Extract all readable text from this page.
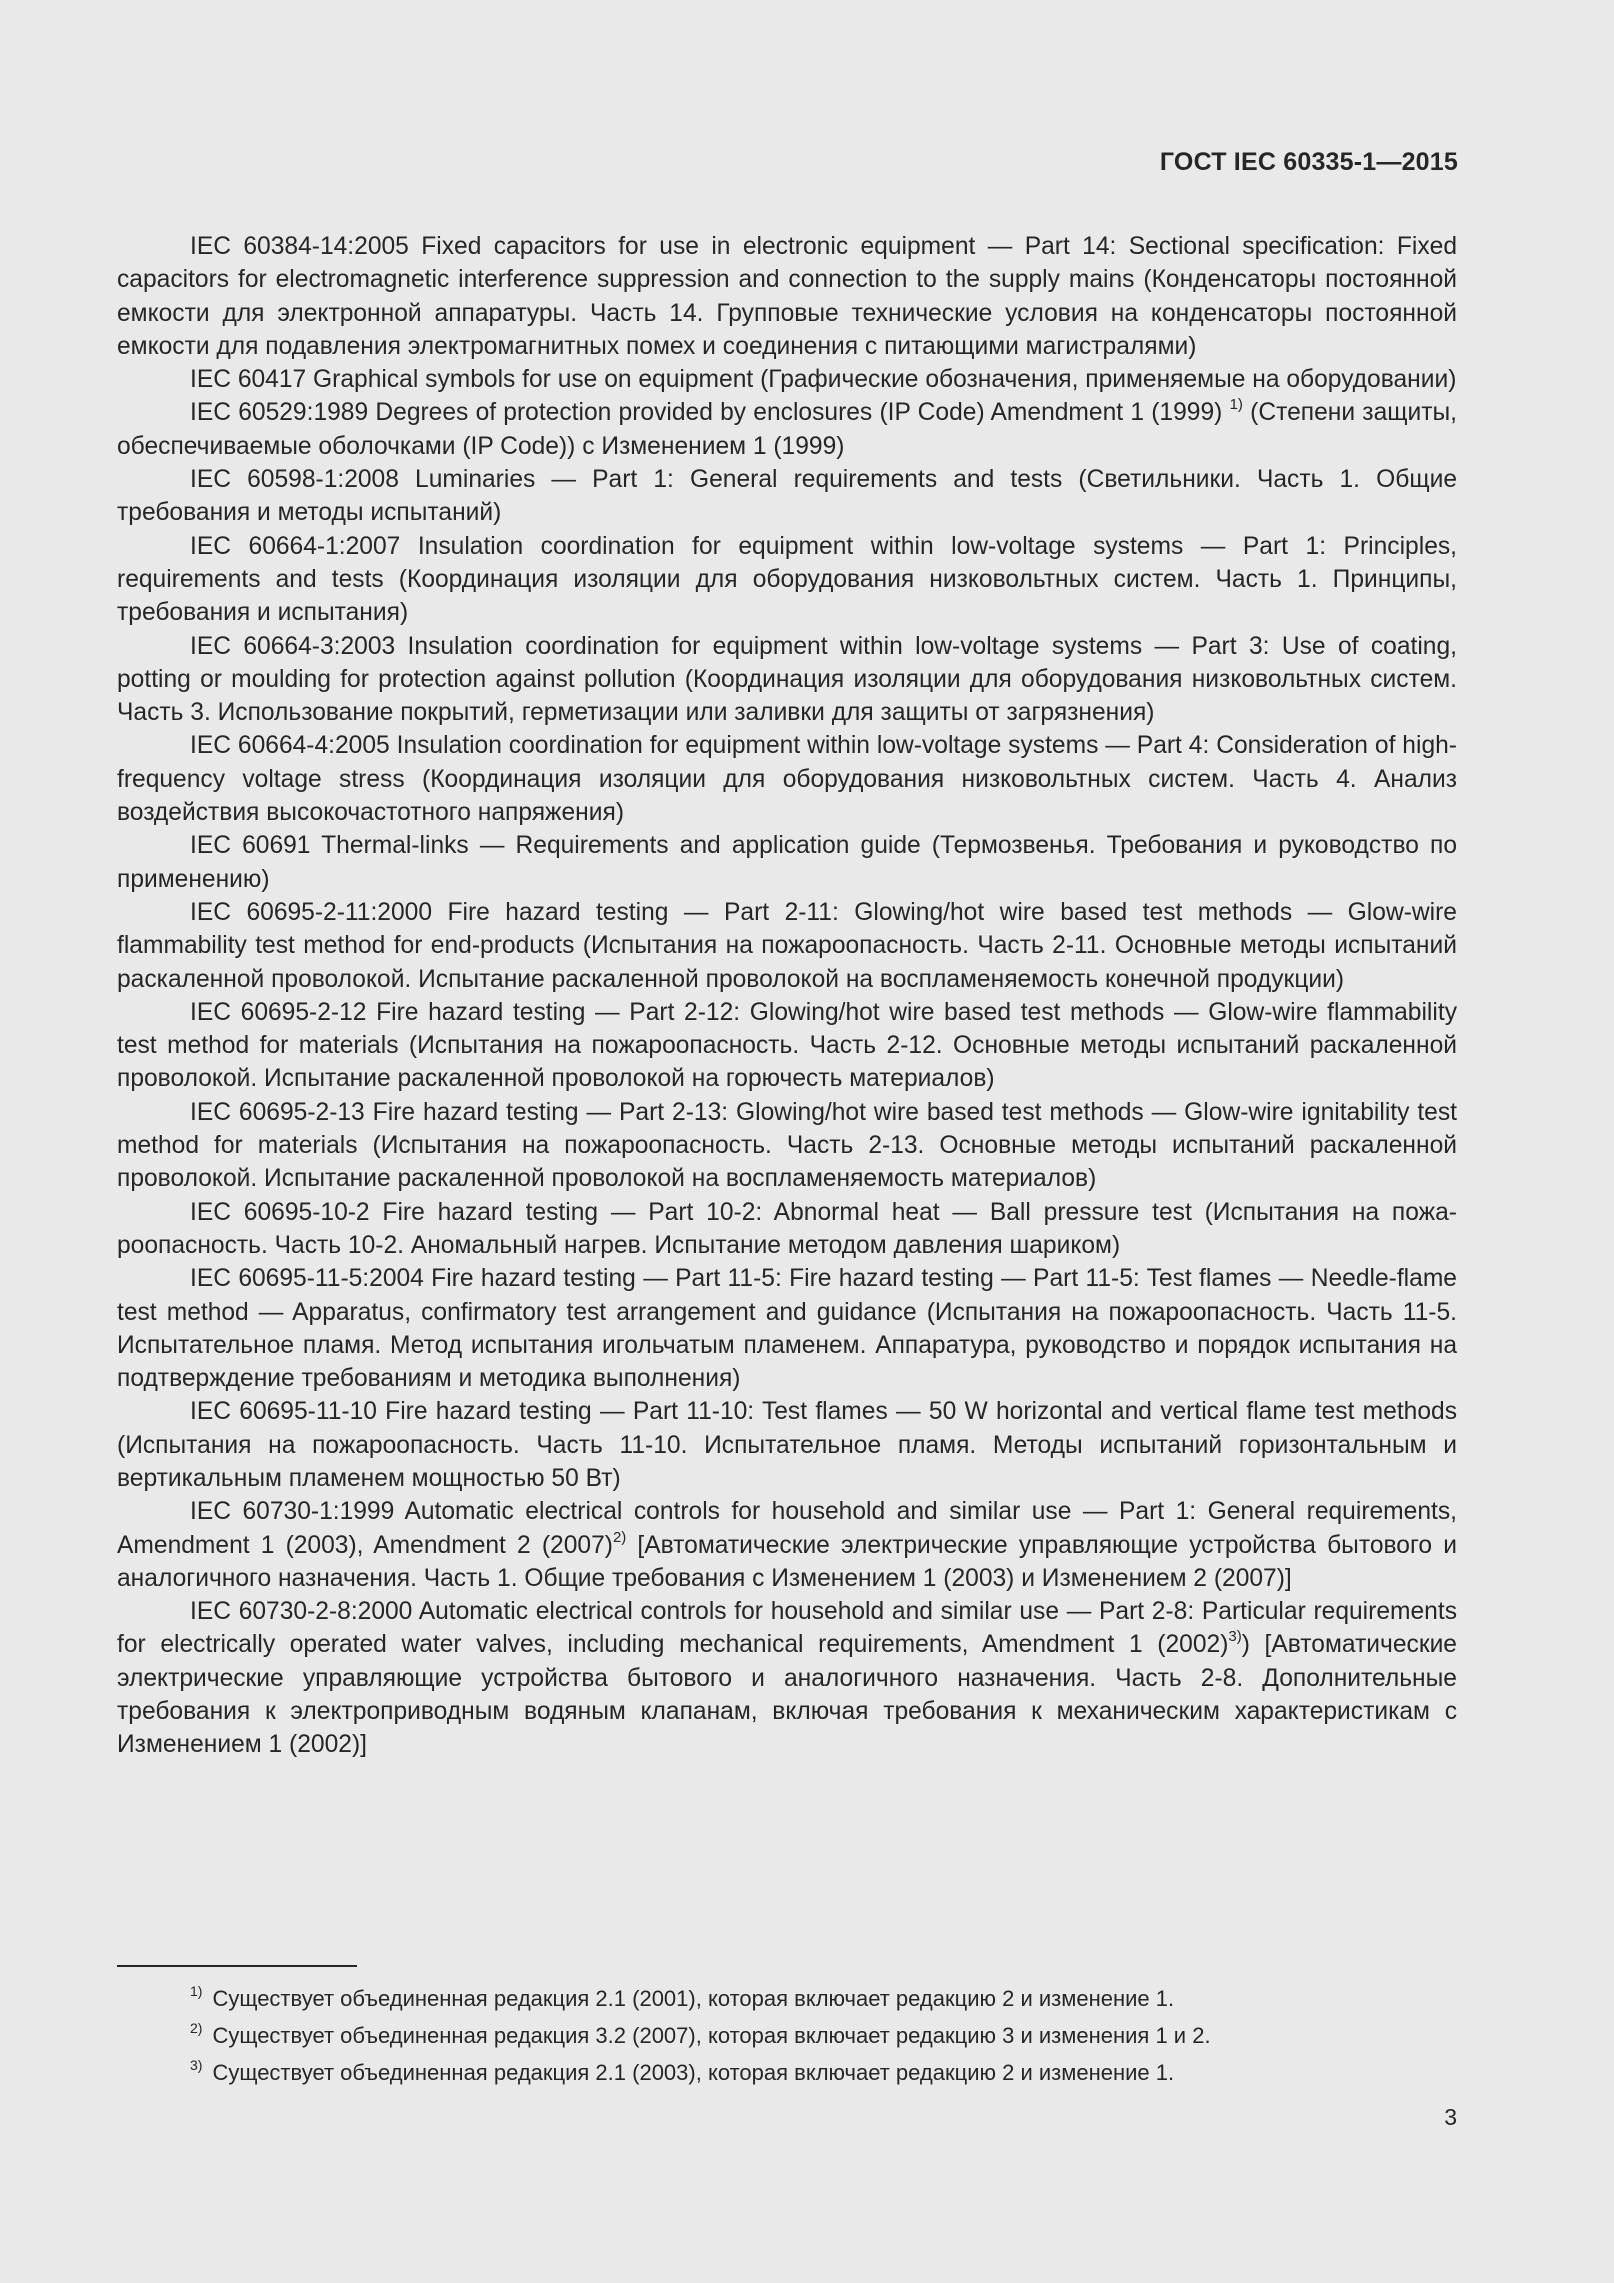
ГОСТ IEC 60335-1—2015

IEC 60384-14:2005 Fixed capacitors for use in electronic equipment — Part 14: Sectional specification: Fixed capacitors for electromagnetic interference suppression and connection to the supply mains (Конденсаторы постоянной емкости для электронной аппаратуры. Часть 14. Групповые технические условия на конденсаторы постоянной емкости для подавления электромагнитных помех и соединения с питающими магистралями)

IEC 60417 Graphical symbols for use on equipment (Графические обозначения, применяемые на оборудовании)

IEC 60529:1989 Degrees of protection provided by enclosures (IP Code) Amendment 1 (1999) $^{1)}$ (Степени защиты, обеспечиваемые оболочками (IP Code)) с Изменением 1 (1999)

IEC 60598-1:2008 Luminaries — Part 1: General requirements and tests (Светильники. Часть 1. Общие требования и методы испытаний)

IEC 60664-1:2007 Insulation coordination for equipment within low-voltage systems — Part 1: Principles, requirements and tests (Координация изоляции для оборудования низковольтных систем. Часть 1. Принципы, требования и испытания)

IEC 60664-3:2003 Insulation coordination for equipment within low-voltage systems — Part 3: Use of coating, potting or moulding for protection against pollution (Координация изоляции для оборудования низковольтных систем. Часть 3. Использование покрытий, герметизации или заливки для защиты от загрязнения)

IEC 60664-4:2005 Insulation coordination for equipment within low-voltage systems — Part 4: Consideration of high-frequency voltage stress (Координация изоляции для оборудования низковольтных систем. Часть 4. Анализ воздействия высокочастотного напряжения)

IEC 60691 Thermal-links — Requirements and application guide (Термозвенья. Требования и руководство по применению)

IEC 60695-2-11:2000 Fire hazard testing — Part 2-11: Glowing/hot wire based test methods — Glow-wire flammability test method for end-products (Испытания на пожароопасность. Часть 2-11. Основные методы испытаний раскаленной проволокой. Испытание раскаленной проволокой на воспламеняемость конечной продукции)

IEC 60695-2-12 Fire hazard testing — Part 2-12: Glowing/hot wire based test methods — Glow-wire flammability test method for materials (Испытания на пожароопасность. Часть 2-12. Основные методы испытаний раскаленной проволокой. Испытание раскаленной проволокой на горючесть материалов)

IEC 60695-2-13 Fire hazard testing — Part 2-13: Glowing/hot wire based test methods — Glow-wire ignitability test method for materials (Испытания на пожароопасность. Часть 2-13. Основные методы испытаний раскаленной проволокой. Испытание раскаленной проволокой на воспламеняемость материалов)

IEC 60695-10-2 Fire hazard testing — Part 10-2: Abnormal heat — Ball pressure test (Испытания на пожароопасность. Часть 10-2. Аномальный нагрев. Испытание методом давления шариком)

IEC 60695-11-5:2004 Fire hazard testing — Part 11-5: Fire hazard testing — Part 11-5: Test flames — Needle-flame test method — Apparatus, confirmatory test arrangement and guidance (Испытания на пожароопасность. Часть 11-5. Испытательное пламя. Метод испытания игольчатым пламенем. Аппаратура, руководство и порядок испытания на подтверждение требованиям и методика выполнения)

IEC 60695-11-10 Fire hazard testing — Part 11-10: Test flames — 50 W horizontal and vertical flame test methods (Испытания на пожароопасность. Часть 11-10. Испытательное пламя. Методы испытаний горизонтальным и вертикальным пламенем мощностью 50 Вт)

IEC 60730-1:1999 Automatic electrical controls for household and similar use — Part 1: General requirements, Amendment 1 (2003), Amendment 2 $(2007)^{2)}$ [Автоматические электрические управляющие устройства бытового и аналогичного назначения. Часть 1. Общие требования с Изменением 1 (2003) и Изменением 2 (2007)]

IEC 60730-2-8:2000 Automatic electrical controls for household and similar use — Part 2-8: Particular requirements for electrically operated water valves, including mechanical requirements, Amendment 1 $(2002)^{3)}$) [Автоматические электрические управляющие устройства бытового и аналогичного назначения. Часть 2-8. Дополнительные требования к электроприводным водяным клапанам, включая требования к механическим характеристикам с Изменением 1 (2002)]

$^{1)}$ Существует объединенная редакция 2.1 (2001), которая включает редакцию 2 и изменение 1.

$^{2)}$ Существует объединенная редакция 3.2 (2007), которая включает редакцию 3 и изменения 1 и 2.

$^{3)}$ Существует объединенная редакция 2.1 (2003), которая включает редакцию 2 и изменение 1.

3
